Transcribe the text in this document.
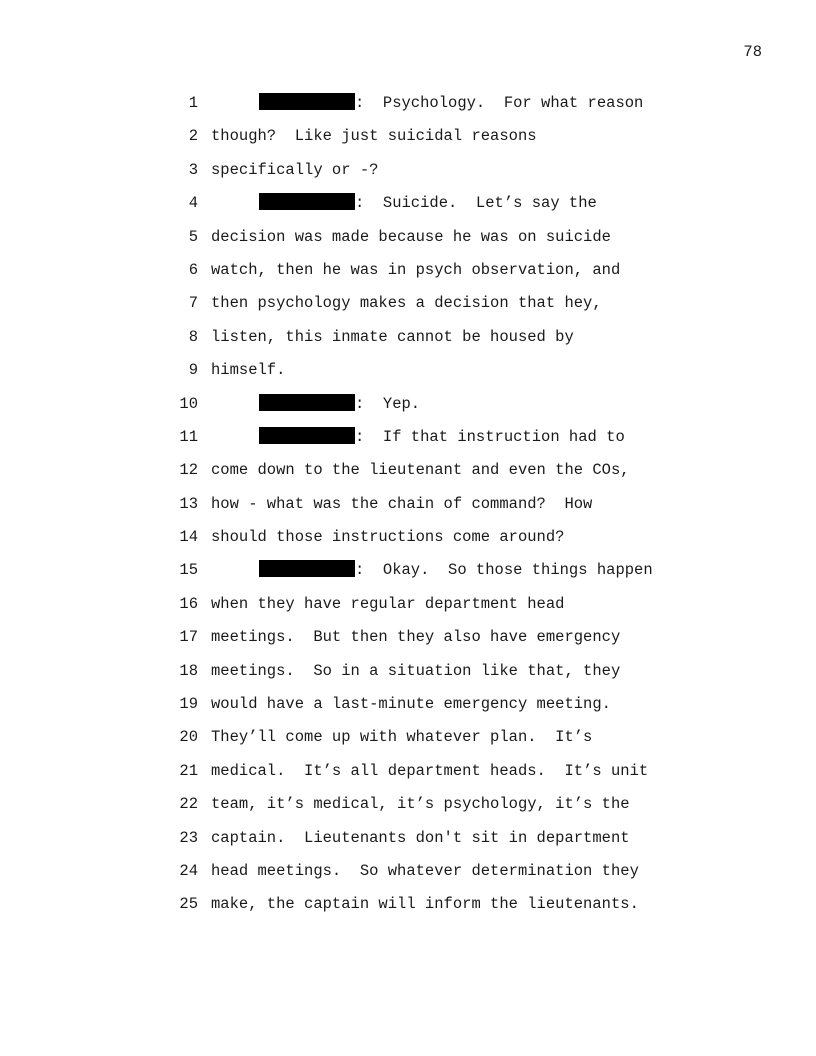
78

1

	:  Psychology.  For what reason

2

though?  Like just suicidal reasons

3

specifically or -?

4

	:  Suicide.  Let’s say the

5

decision was made because he was on suicide

6

watch, then he was in psych observation, and

7

then psychology makes a decision that hey,

8

listen, this inmate cannot be housed by

9

himself.

10

	:  Yep.

11

	:  If that instruction had to

12

come down to the lieutenant and even the COs,

13

how - what was the chain of command?  How

14

should those instructions come around?

15

	:  Okay.  So those things happen

16

when they have regular department head

17

meetings.  But then they also have emergency

18

meetings.  So in a situation like that, they

19

would have a last-minute emergency meeting.

20

They’ll come up with whatever plan.  It’s

21

medical.  It’s all department heads.  It’s unit

22

team, it’s medical, it’s psychology, it’s the

23

captain.  Lieutenants don't sit in department

24

head meetings.  So whatever determination they

25

make, the captain will inform the lieutenants.
